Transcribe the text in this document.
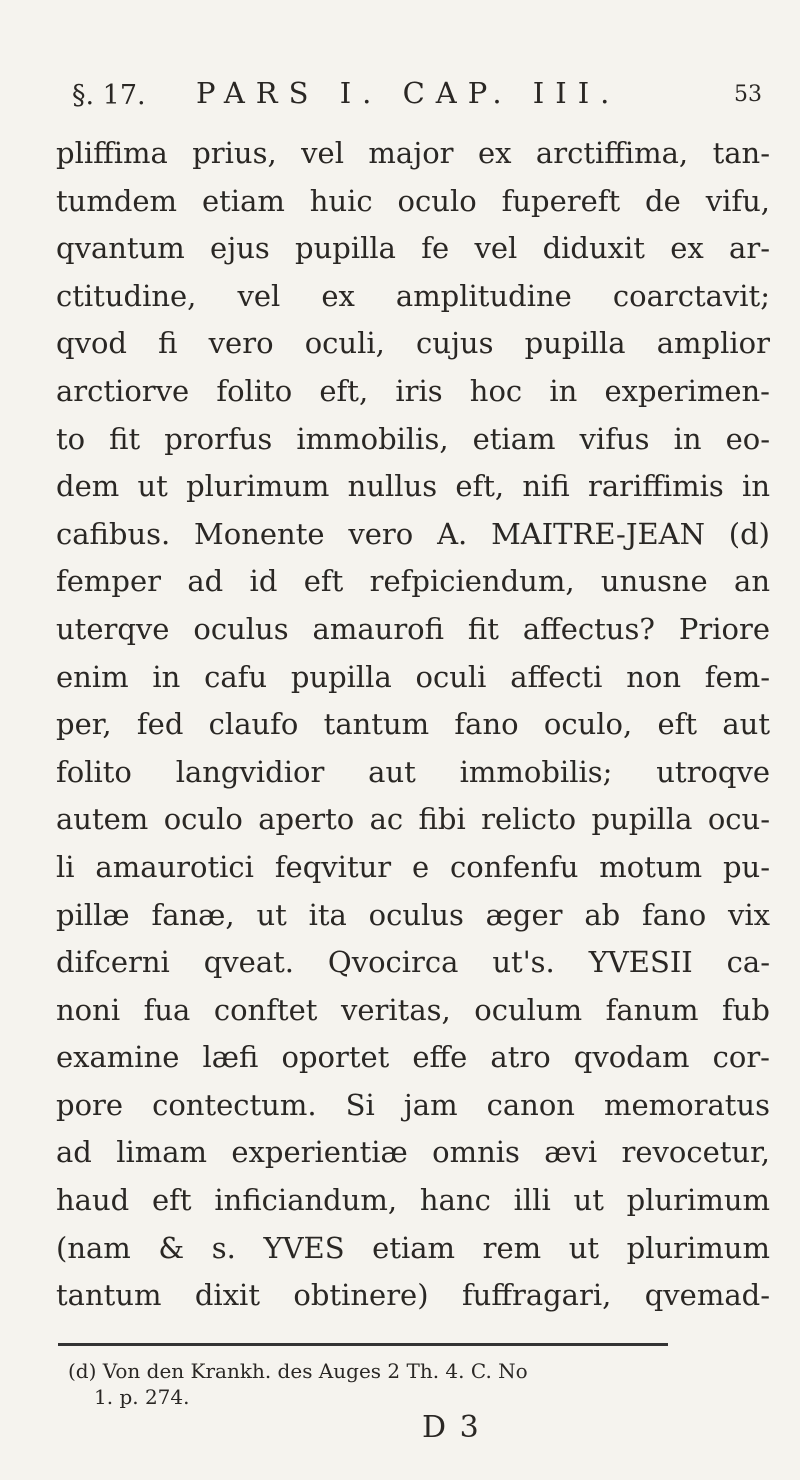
§. 17. PARS I. CAP. III.	53
pliffima prius, vel major ex arctiffima, tan-
tumdem etiam huic oculo fupereft de vifu,
qvantum ejus pupilla fe vel diduxit ex ar-
ctitudine, vel ex amplitudine coarctavit;
qvod fi vero oculi, cujus pupilla amplior
arctiorve folito eft, iris hoc in experimen-
to fit prorfus immobilis, etiam vifus in eo-
dem ut plurimum nullus eft, nifi rariffimis in
cafibus. Monente vero A. MAITRE-JEAN (d)
femper ad id eft refpiciendum, unusne an
uterqve oculus amaurofi fit affectus? Priore
enim in cafu pupilla oculi affecti non fem-
per, fed claufo tantum fano oculo, eft aut
folito langvidior aut immobilis; utroqve
autem oculo aperto ac fibi relicto pupilla ocu-
li amaurotici feqvitur e confenfu motum pu-
pillæ fanæ, ut ita oculus æger ab fano vix
difcerni qveat. Qvocirca ut's. YVESII ca-
noni fua conftet veritas, oculum fanum fub
examine læfi oportet effe atro qvodam cor-
pore contectum. Si jam canon memoratus
ad limam experientiæ omnis ævi revocetur,
haud eft inficiandum, hanc illi ut plurimum
(nam & s. YVES etiam rem ut plurimum
tantum dixit obtinere) fuffragari, qvemad-
(d) Von den Krankh. des Auges 2 Th. 4. C. No
1. p. 274.
D 3
